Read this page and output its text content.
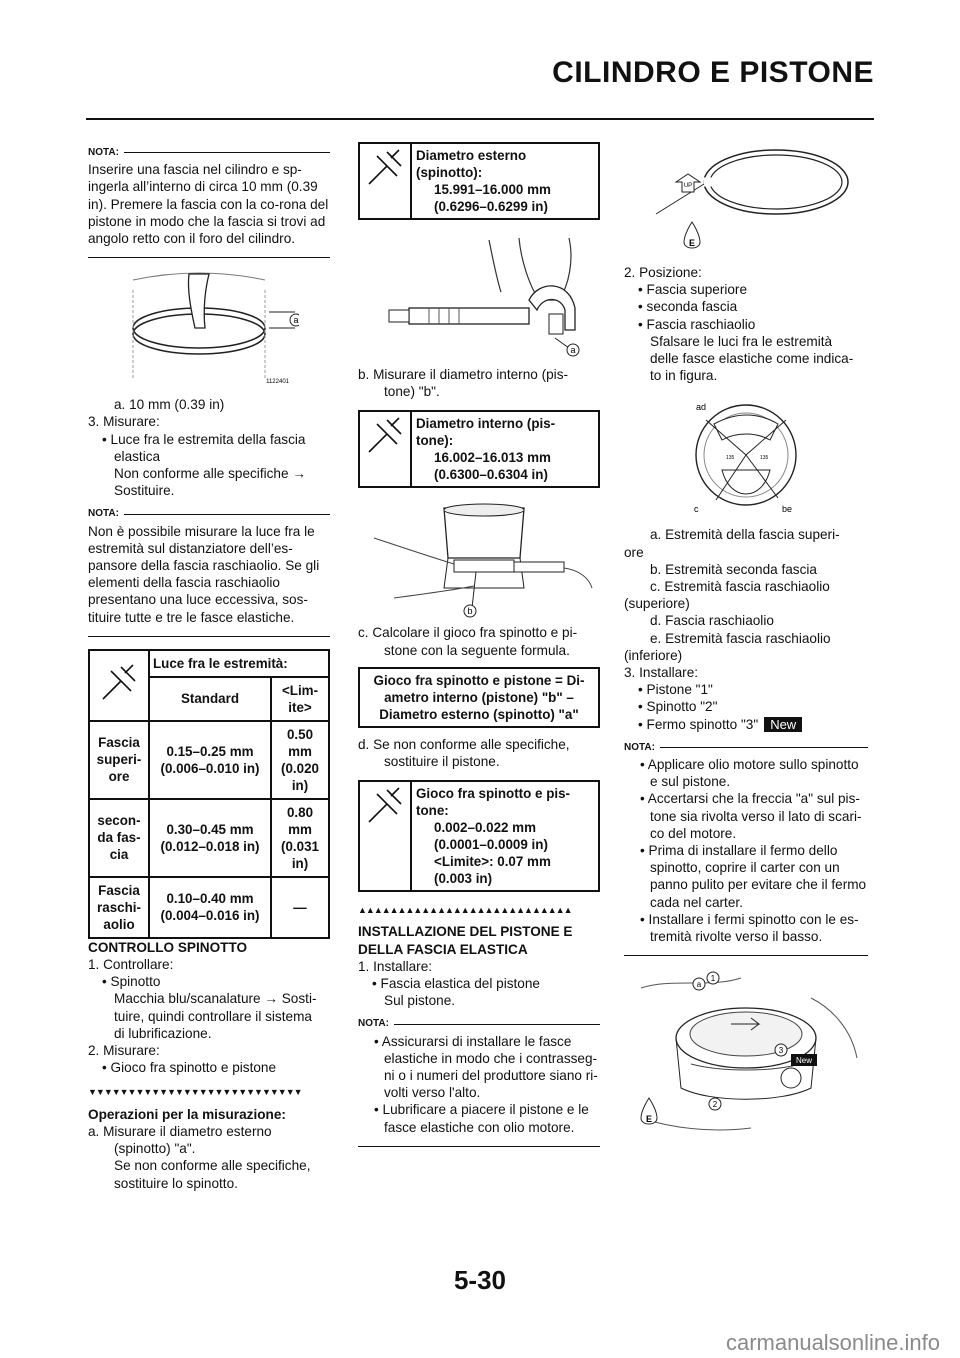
CILINDRO E PISTONE
NOTA:

Inserire una fascia nel cilindro e sp-ingerla all’interno di circa 10 mm (0.39 in). Premere la fascia con la co-rona del pistone in modo che la fascia si trovi ad angolo retto con il foro del cilindro.

a
1122401

a. 10 mm (0.39 in)

3. Misurare:

• Luce fra le estremita della fascia

elastica

Non conforme alle specifiche →

Sostituire.

NOTA:

Non è possibile misurare la luce fra le estremità sul distanziatore dell’es-pansore della fascia raschiaolio. Se gli elementi della fascia raschiaolio presentano una luce eccessiva, sos-tituire tutte e tre le fasce elastiche.

	Luce fra le estremità:	
	Standard	<Lim-ite>
Fascia superi-ore	0.15–0.25 mm (0.006–0.010 in)	0.50 mm (0.020 in)
secon-da fas-cia	0.30–0.45 mm (0.012–0.018 in)	0.80 mm (0.031 in)
Fascia raschi-aolio	0.10–0.40 mm (0.004–0.016 in)	—

CONTROLLO SPINOTTO

1. Controllare:

• Spinotto

Macchia blu/scanalature → Sosti-

tuire, quindi controllare il sistema

di lubrificazione.

2. Misurare:

• Gioco fra spinotto e pistone

▼▼▼▼▼▼▼▼▼▼▼▼▼▼▼▼▼▼▼▼▼▼▼▼▼▼▼

Operazioni per la misurazione:

a. Misurare il diametro esterno

(spinotto) "a".

Se non conforme alle specifiche,

sostituire lo spinotto.

Diametro esterno
(spinotto):
15.991–16.000 mm
(0.6296–0.6299 in)
a

b. Misurare il diametro interno (pis-

tone) "b".

Diametro interno (pis-
tone):
16.002–16.013 mm
(0.6300–0.6304 in)
b

c. Calcolare il gioco fra spinotto e pi-

stone con la seguente formula.

Gioco fra spinotto e pistone = Di-ametro interno (pistone) "b" – Diametro esterno (spinotto) "a"

d. Se non conforme alle specifiche,

sostituire il pistone.

Gioco fra spinotto e pis-
tone:
0.002–0.022 mm
(0.0001–0.0009 in)
<Limite>: 0.07 mm
(0.003 in)
▲▲▲▲▲▲▲▲▲▲▲▲▲▲▲▲▲▲▲▲▲▲▲▲▲▲▲

INSTALLAZIONE DEL PISTONE E

DELLA FASCIA ELASTICA

1. Installare:

• Fascia elastica del pistone

Sul pistone.

NOTA:

• Assicurarsi di installare le fasce elastiche in modo che i contrasseg-ni o i numeri del produttore siano ri-volti verso l'alto.

• Lubrificare a piacere il pistone e le fasce elastiche con olio motore.

UP
E

2. Posizione:

• Fascia superiore

• seconda fascia

• Fascia raschiaolio

Sfalsare le luci fra le estremità

delle fasce elastiche come indica-

to in figura.

135	135
ad
c	be

a. Estremità della fascia superi-

ore

b. Estremità seconda fascia

c. Estremità fascia raschiaolio

(superiore)

d. Fascia raschiaolio

e. Estremità fascia raschiaolio

(inferiore)

3. Installare:

• Pistone "1"

• Spinotto "2"

• Fermo spinotto "3" New

NOTA:

• Applicare olio motore sullo spinotto e sul pistone.

• Accertarsi che la freccia "a" sul pis-tone sia rivolta verso il lato di scari-co del motore.

• Prima di installare il fermo dello spinotto, coprire il carter con un panno pulito per evitare che il fermo cada nel carter.

• Installare i fermi spinotto con le es-tremità rivolte verso il basso.

a
1
2
3
New
E
5-30
carmanualsonline.info
